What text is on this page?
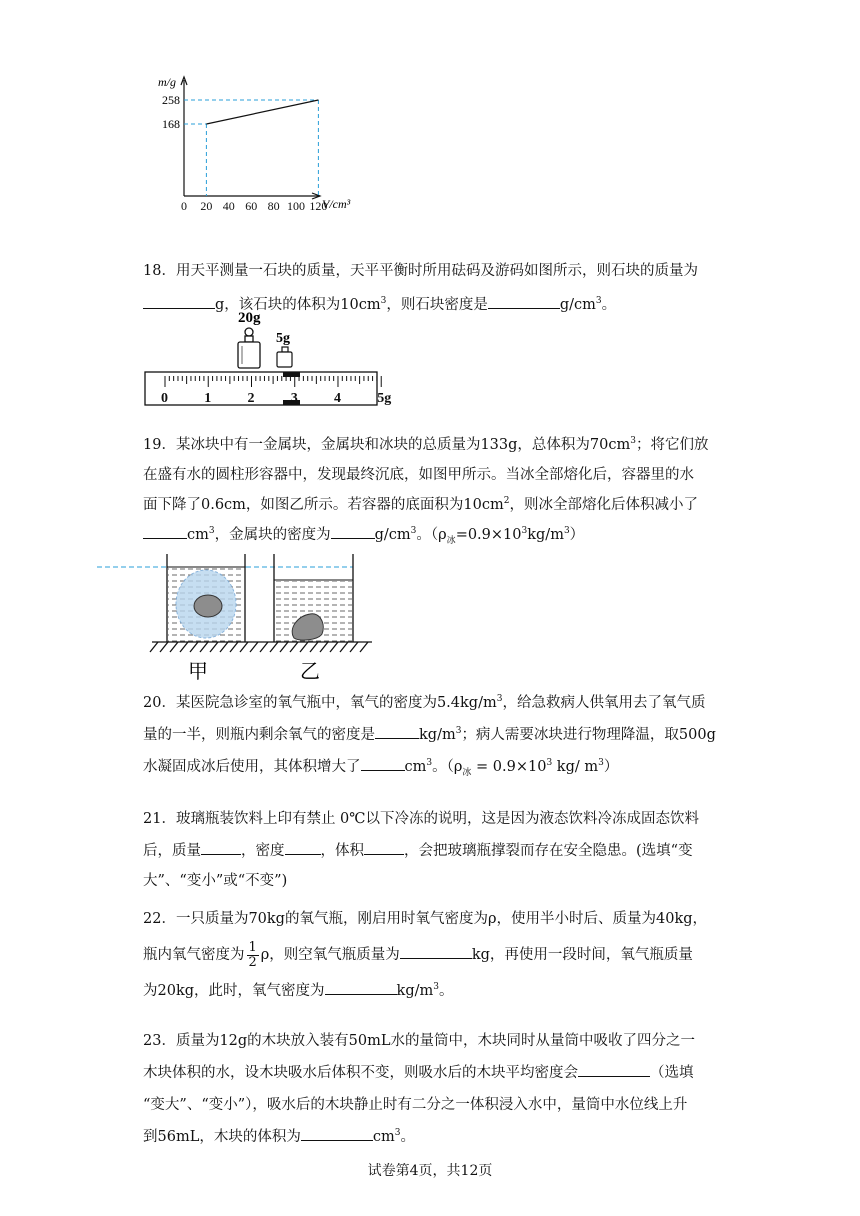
0 20 40 60 80 100 120
m/g
V/cm³
258
168
18．用天平测量一石块的质量，天平平衡时所用砝码及游码如图所示，则石块的质量为
g，该石块的体积为$10cm^3$，则石块密度是	$g/cm^3$。
20g
5g
0	1	2	3	4	5g
19．某冰块中有一金属块，金属块和冰块的总质量为133g，总体积为$70cm^3$；将它们放
在盛有水的圆柱形容器中，发现最终沉底，如图甲所示。当冰全部熔化后，容器里的水
面下降了0.6cm，如图乙所示。若容器的底面积为$10cm^2$，则冰全部熔化后体积减小了
$cm^3$，金属块的密度为	$g/cm^3$。$(\rho_冰=0.9\times 10^3kg/m^3)$
甲	乙
20．某医院急诊室的氧气瓶中，氧气的密度为$5.4kg/m^3$，给急救病人供氧用去了氧气质
量的一半，则瓶内剩余氧气的密度是	$kg/m^3$；病人需要冰块进行物理降温，取500g
水凝固成冰后使用，其体积增大了	$cm^3$。（$\rho_冰 = 0.9\times 10^3$ kg/ $m^3$）
21．玻璃瓶装饮料上印有禁止 0℃以下冷冻的说明，这是因为液态饮料冷冻成固态饮料
后，质量	，密度 ，体积	，会把玻璃瓶撑裂而存在安全隐患。(选填“变
大”、“变小”或“不变”)
22．一只质量为70kg的氧气瓶，刚启用时氧气密度为ρ，使用半小时后、质量为40kg，
瓶内氧气密度为 $\frac{1}{2}$ ρ，则空氧气瓶质量为	kg，再使用一段时间，氧气瓶质量
为20kg，此时，氧气密度为	$kg/m^3$。
23．质量为12g的木块放入装有50mL水的量筒中，木块同时从量筒中吸收了四分之一
木块体积的水，设木块吸水后体积不变，则吸水后的木块平均密度会	（选填
“变大”、“变小”），吸水后的木块静止时有二分之一体积浸入水中，量筒中水位线上升
到56mL，木块的体积为	$cm^3$。
试卷第4页，共12页
